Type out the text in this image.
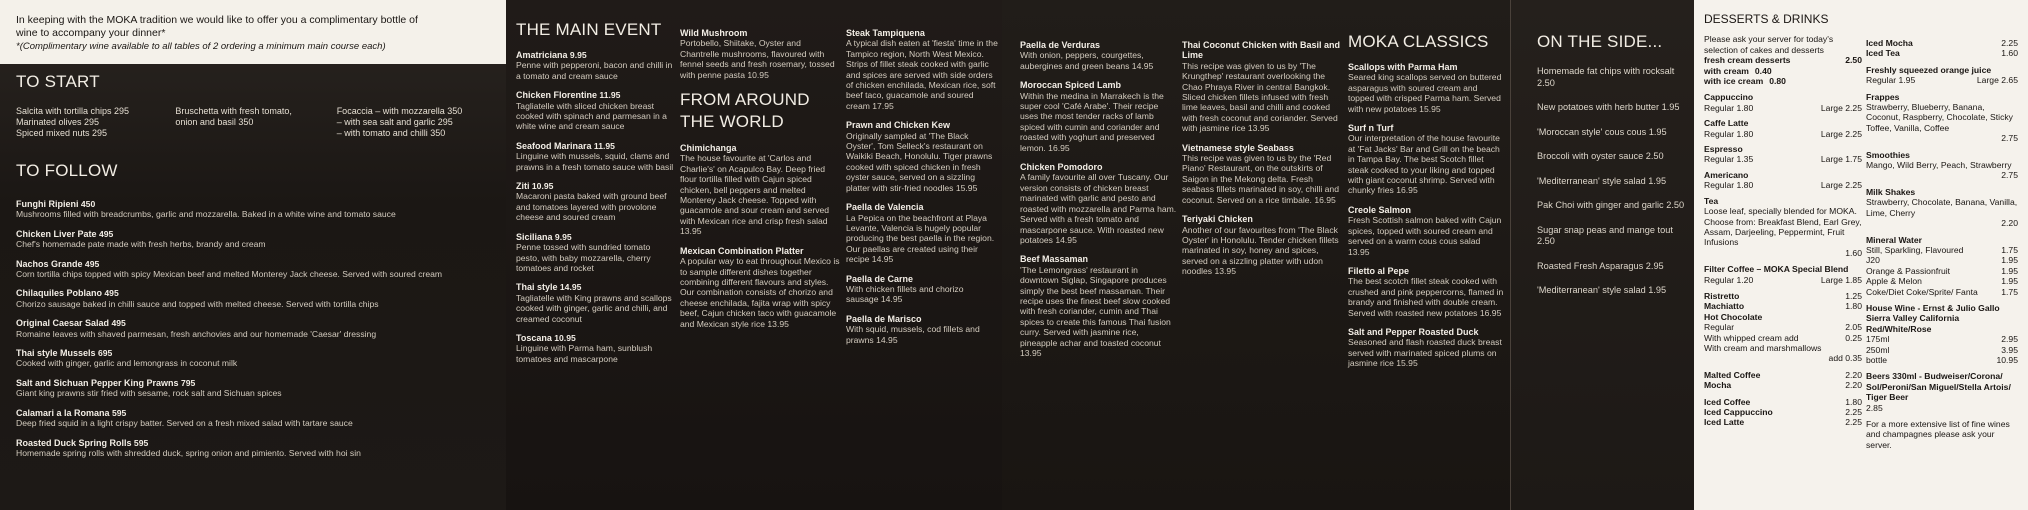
In keeping with the MOKA tradition we would like to offer you a complimentary bottle of
wine to accompany your dinner*
*(Complimentary wine available to all tables of 2 ordering a minimum main course each)
TO START
Salcita with tortilla chips 295
Marinated olives 295
Spiced mixed nuts 295
Bruschetta with fresh tomato,
onion and basil 350
Focaccia – with mozzarella 350
– with sea salt and garlic 295
– with tomato and chilli 350
TO FOLLOW
Funghi Ripieni 450
Mushrooms filled with breadcrumbs, garlic and mozzarella. Baked in a white wine and tomato sauce
Chicken Liver Pate 495
Chef's homemade pate made with fresh herbs, brandy and cream
Nachos Grande 495
Corn tortilla chips topped with spicy Mexican beef and melted Monterey Jack cheese. Served with soured cream
Chilaquiles Poblano 495
Chorizo sausage baked in chilli sauce and topped with melted cheese. Served with tortilla chips
Original Caesar Salad 495
Romaine leaves with shaved parmesan, fresh anchovies and our homemade 'Caesar' dressing
Thai style Mussels 695
Cooked with ginger, garlic and lemongrass in coconut milk
Salt and Sichuan Pepper King Prawns 795
Giant king prawns stir fried with sesame, rock salt and Sichuan spices
Calamari a la Romana 595
Deep fried squid in a light crispy batter. Served on a fresh mixed salad with tartare sauce
Roasted Duck Spring Rolls 595
Homemade spring rolls with shredded duck, spring onion and pimiento. Served with hoi sin
THE MAIN EVENT
Amatriciana 9.95
Penne with pepperoni, bacon and chilli in a tomato and cream sauce
Chicken Florentine 11.95
Tagliatelle with sliced chicken breast cooked with spinach and parmesan in a white wine and cream sauce
Seafood Marinara 11.95
Linguine with mussels, squid, clams and prawns in a fresh tomato sauce with basil
Ziti 10.95
Macaroni pasta baked with ground beef and tomatoes layered with provolone cheese and soured cream
Siciliana 9.95
Penne tossed with sundried tomato pesto, with baby mozzarella, cherry tomatoes and rocket
Thai style 14.95
Tagliatelle with King prawns and scallops cooked with ginger, garlic and chilli, and creamed coconut
Toscana 10.95
Linguine with Parma ham, sunblush tomatoes and mascarpone
Wild Mushroom
Portobello, Shiitake, Oyster and Chantrelle mushrooms, flavoured with fennel seeds and fresh rosemary, tossed with penne pasta 10.95
FROM AROUND THE WORLD
Chimichanga
The house favourite at 'Carlos and Charlie's' on Acapulco Bay. Deep fried flour tortilla filled with Cajun spiced chicken, bell peppers and melted Monterey Jack cheese. Topped with guacamole and sour cream and served with Mexican rice and crisp fresh salad 13.95
Mexican Combination Platter
A popular way to eat throughout Mexico is to sample different dishes together combining different flavours and styles. Our combination consists of chorizo and cheese enchilada, fajita wrap with spicy beef, Cajun chicken taco with guacamole and Mexican style rice 13.95
Steak Tampiquena
A typical dish eaten at 'fiesta' time in the Tampico region, North West Mexico. Strips of fillet steak cooked with garlic and spices are served with side orders of chicken enchilada, Mexican rice, soft beef taco, guacamole and soured cream 17.95
Prawn and Chicken Kew
Originally sampled at 'The Black Oyster', Tom Selleck's restaurant on Waikiki Beach, Honolulu. Tiger prawns cooked with spiced chicken in fresh oyster sauce, served on a sizzling platter with stir-fried noodles 15.95
Paella de Valencia
La Pepica on the beachfront at Playa Levante, Valencia is hugely popular producing the best paella in the region. Our paellas are created using their recipe 14.95
Paella de Carne
With chicken fillets and chorizo sausage 14.95
Paella de Marisco
With squid, mussels, cod fillets and prawns 14.95
Paella de Verduras
With onion, peppers, courgettes, aubergines and green beans 14.95
Moroccan Spiced Lamb
Within the medina in Marrakech is the super cool 'Café Arabe'. Their recipe uses the most tender racks of lamb spiced with cumin and coriander and roasted with yoghurt and preserved lemon. 16.95
Chicken Pomodoro
A family favourite all over Tuscany. Our version consists of chicken breast marinated with garlic and pesto and roasted with mozzarella and Parma ham. Served with a fresh tomato and mascarpone sauce. With roasted new potatoes 14.95
Beef Massaman
'The Lemongrass' restaurant in downtown Siglap, Singapore produces simply the best beef massaman. Their recipe uses the finest beef slow cooked with fresh coriander, cumin and Thai spices to create this famous Thai fusion curry. Served with jasmine rice, pineapple achar and toasted coconut 13.95
Thai Coconut Chicken with Basil and Lime
This recipe was given to us by 'The Krungthep' restaurant overlooking the Chao Phraya River in central Bangkok. Sliced chicken fillets infused with fresh lime leaves, basil and chilli and cooked with fresh coconut and coriander. Served with jasmine rice 13.95
Vietnamese style Seabass
This recipe was given to us by the 'Red Piano' Restaurant, on the outskirts of Saigon in the Mekong delta. Fresh seabass fillets marinated in soy, chilli and coconut. Served on a rice timbale. 16.95
Teriyaki Chicken
Another of our favourites from 'The Black Oyster' in Honolulu. Tender chicken fillets marinated in soy, honey and spices, served on a sizzling platter with udon noodles 13.95
MOKA CLASSICS
Scallops with Parma Ham
Seared king scallops served on buttered asparagus with soured cream and topped with crisped Parma ham. Served with new potatoes 15.95
Surf n Turf
Our interpretation of the house favourite at 'Fat Jacks' Bar and Grill on the beach in Tampa Bay. The best Scotch fillet steak cooked to your liking and topped with giant coconut shrimp. Served with chunky fries 16.95
Creole Salmon
Fresh Scottish salmon baked with Cajun spices, topped with soured cream and served on a warm cous cous salad 13.95
Filetto al Pepe
The best scotch fillet steak cooked with crushed and pink peppercorns, flamed in brandy and finished with double cream. Served with roasted new potatoes 16.95
Salt and Pepper Roasted Duck
Seasoned and flash roasted duck breast served with marinated spiced plums on jasmine rice 15.95
ON THE SIDE...
Homemade fat chips with rocksalt 2.50
New potatoes with herb butter 1.95
'Moroccan style' cous cous 1.95
Broccoli with oyster sauce 2.50
'Mediterranean' style salad 1.95
Pak Choi with ginger and garlic 2.50
Sugar snap peas and mange tout 2.50
Roasted Fresh Asparagus 2.95
'Mediterranean' style salad 1.95
DESSERTS & DRINKS
Please ask your server for today's selection of cakes and desserts
fresh cream desserts	2.50
with cream 0.40
with ice cream 0.80
Cappuccino
Regular 1.80	Large 2.25
Caffe Latte
Regular 1.80	Large 2.25
Espresso
Regular 1.35	Large 1.75
Americano
Regular 1.80	Large 2.25
Tea
Loose leaf, specially blended for MOKA. Choose from: Breakfast Blend, Earl Grey, Assam, Darjeeling, Peppermint, Fruit Infusions
1.60
Filter Coffee – MOKA Special Blend
Regular 1.20	Large 1.85
Ristretto	1.25
Machiatto	1.80
Hot Chocolate
Regular	2.05
With whipped cream add	0.25
With cream and marshmallows
add 0.35
Malted Coffee	2.20
Mocha	2.20
Iced Coffee	1.80
Iced Cappuccino	2.25
Iced Latte	2.25
Iced Mocha	2.25
Iced Tea	1.60
Freshly squeezed orange juice
Regular 1.95	Large 2.65
Frappes
Strawberry, Blueberry, Banana, Coconut, Raspberry, Chocolate, Sticky Toffee, Vanilla, Coffee
2.75
Smoothies
Mango, Wild Berry, Peach, Strawberry
2.75
Milk Shakes
Strawberry, Chocolate, Banana, Vanilla, Lime, Cherry
2.20
Mineral Water
Still, Sparkling, Flavoured	1.75
J20	1.95
Orange & Passionfruit	1.95
Apple & Melon	1.95
Coke/Diet Coke/Sprite/ Fanta	1.75
House Wine - Ernst & Julio Gallo Sierra Valley California Red/White/Rose
175ml	2.95
250ml	3.95
bottle	10.95
Beers 330ml - Budweiser/Corona/ Sol/Peroni/San Miguel/Stella Artois/ Tiger Beer
2.85
For a more extensive list of fine wines and champagnes please ask your server.
